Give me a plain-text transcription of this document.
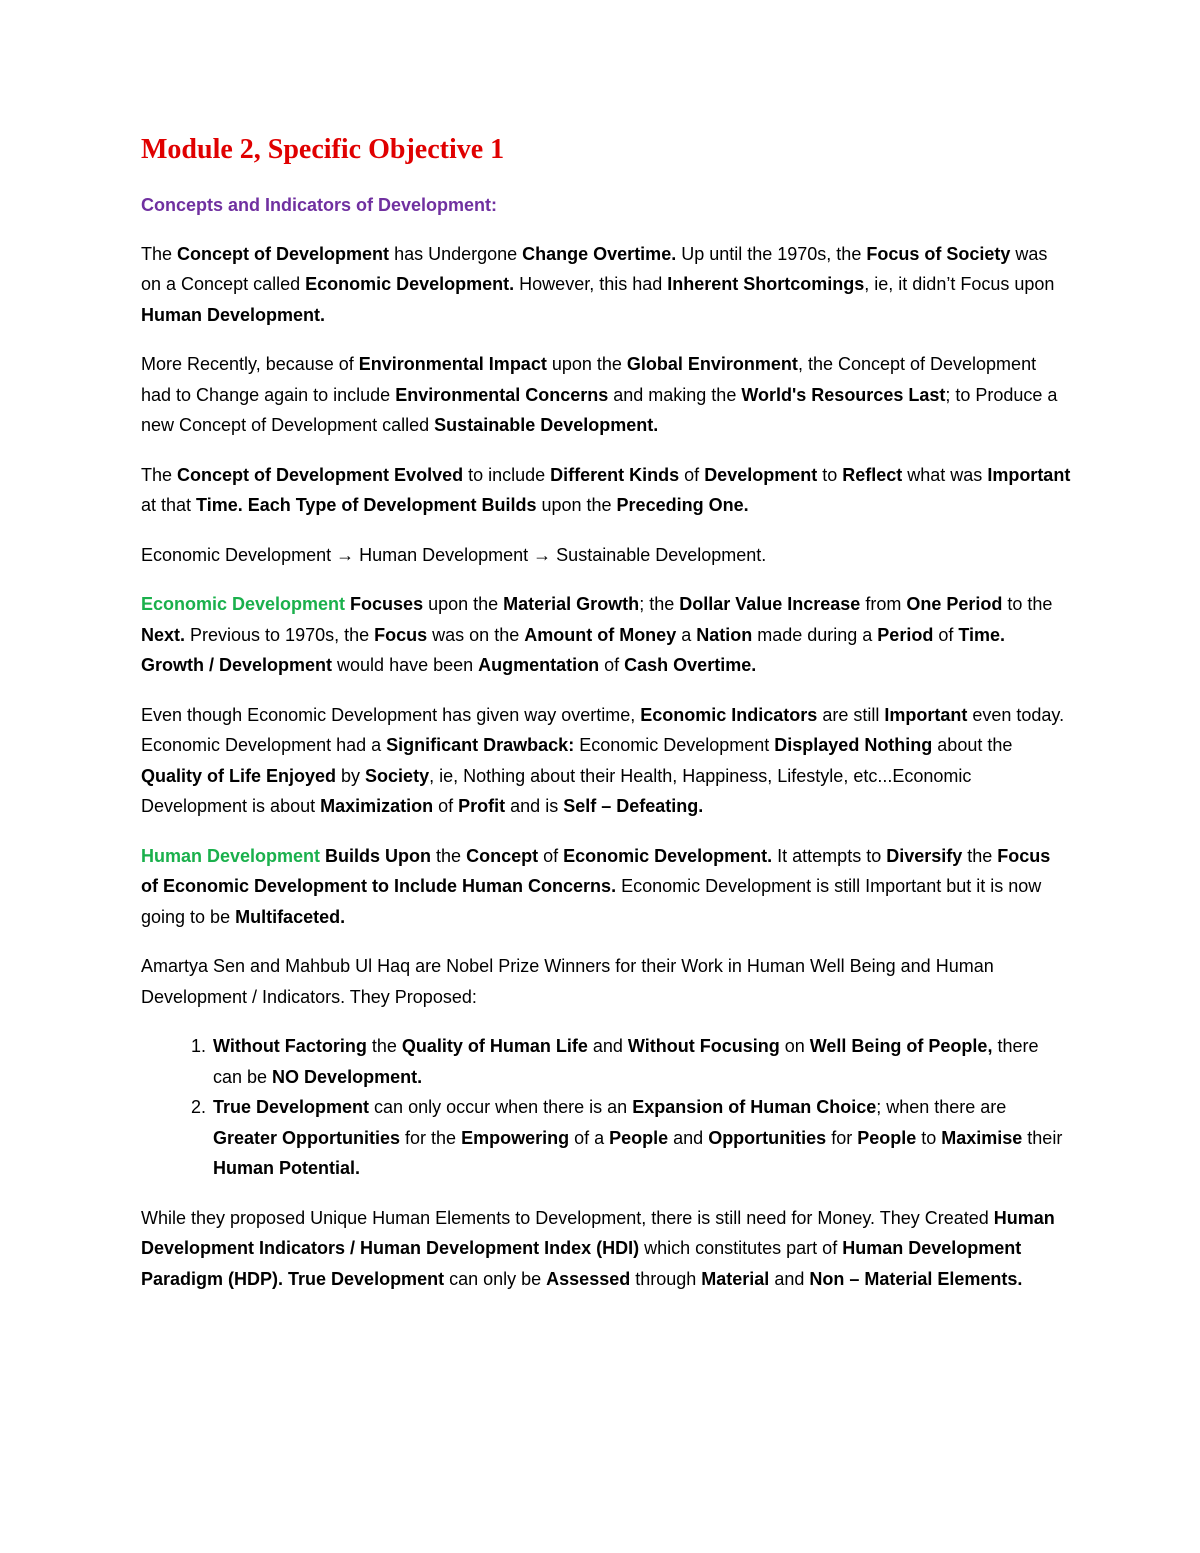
Module 2, Specific Objective 1
Concepts and Indicators of Development:

The Concept of Development has Undergone Change Overtime. Up until the 1970s, the Focus of Society was on a Concept called Economic Development. However, this had Inherent Shortcomings, ie, it didn’t Focus upon Human Development.

More Recently, because of Environmental Impact upon the Global Environment, the Concept of Development had to Change again to include Environmental Concerns and making the World's Resources Last; to Produce a new Concept of Development called Sustainable Development.

The Concept of Development Evolved to include Different Kinds of Development to Reflect what was Important at that Time. Each Type of Development Builds upon the Preceding One.

Economic Development → Human Development → Sustainable Development.

Economic Development Focuses upon the Material Growth; the Dollar Value Increase from One Period to the Next. Previous to 1970s, the Focus was on the Amount of Money a Nation made during a Period of Time. Growth / Development would have been Augmentation of Cash Overtime.

Even though Economic Development has given way overtime, Economic Indicators are still Important even today. Economic Development had a Significant Drawback: Economic Development Displayed Nothing about the Quality of Life Enjoyed by Society, ie, Nothing about their Health, Happiness, Lifestyle, etc...Economic Development is about Maximization of Profit and is Self – Defeating.

Human Development Builds Upon the Concept of Economic Development. It attempts to Diversify the Focus of Economic Development to Include Human Concerns. Economic Development is still Important but it is now going to be Multifaceted.

Amartya Sen and Mahbub Ul Haq are Nobel Prize Winners for their Work in Human Well Being and Human Development / Indicators. They Proposed:

1. Without Factoring the Quality of Human Life and Without Focusing on Well Being of People, there can be NO Development.
2. True Development can only occur when there is an Expansion of Human Choice; when there are Greater Opportunities for the Empowering of a People and Opportunities for People to Maximise their Human Potential.

While they proposed Unique Human Elements to Development, there is still need for Money. They Created Human Development Indicators / Human Development Index (HDI) which constitutes part of Human Development Paradigm (HDP). True Development can only be Assessed through Material and Non – Material Elements.
